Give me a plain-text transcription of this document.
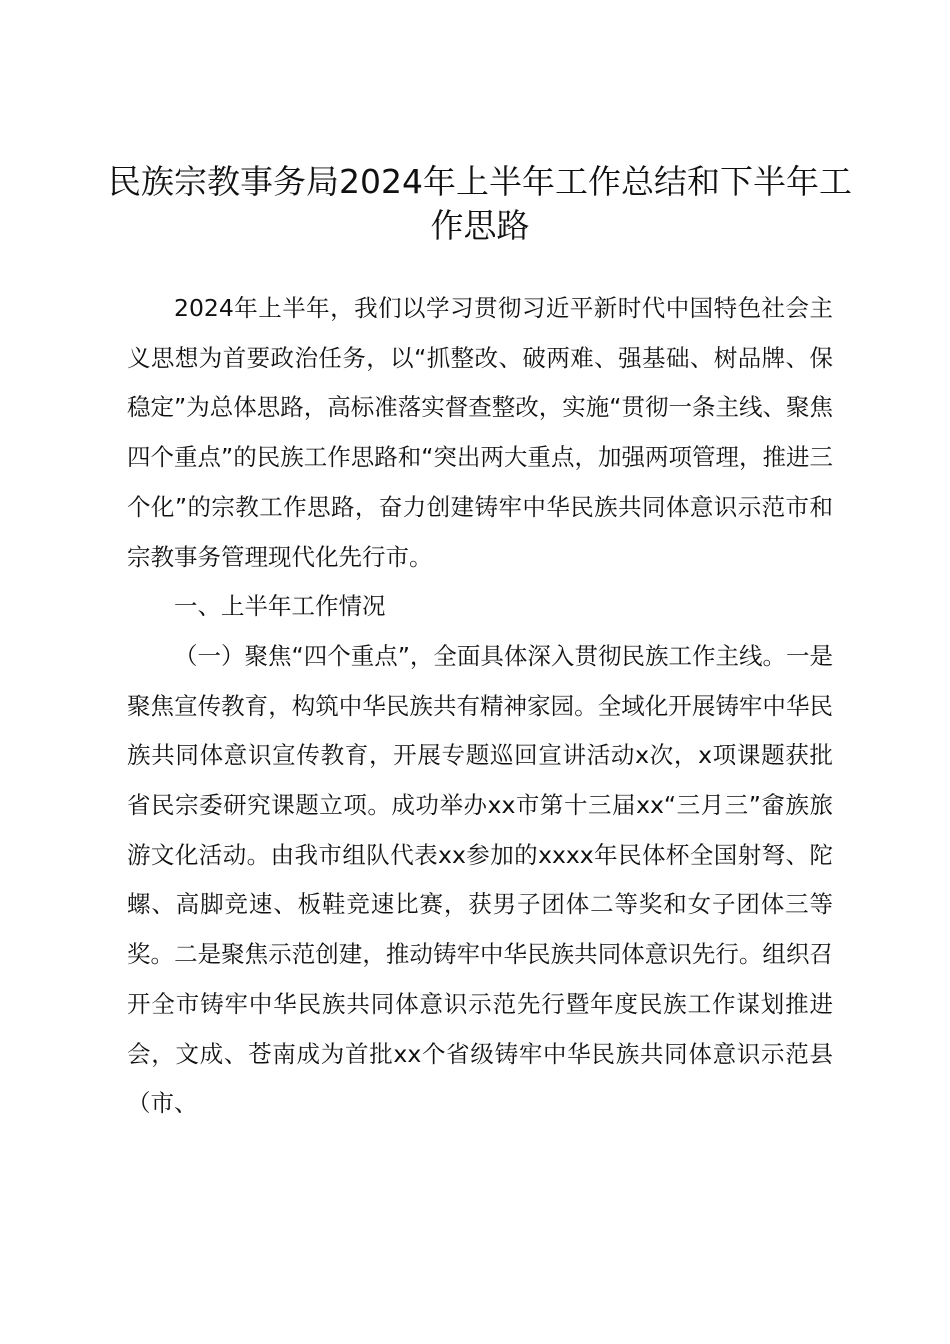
民族宗教事务局2024年上半年工作总结和下半年工作思路

2024年上半年，我们以学习贯彻习近平新时代中国特色社会主义思想为首要政治任务，以“抓整改、破两难、强基础、树品牌、保稳定”为总体思路，高标准落实督查整改，实施“贯彻一条主线、聚焦四个重点”的民族工作思路和“突出两大重点，加强两项管理，推进三个化”的宗教工作思路，奋力创建铸牢中华民族共同体意识示范市和宗教事务管理现代化先行市。

一、上半年工作情况

（一）聚焦“四个重点”，全面具体深入贯彻民族工作主线。一是聚焦宣传教育，构筑中华民族共有精神家园。全域化开展铸牢中华民族共同体意识宣传教育，开展专题巡回宣讲活动x次，x项课题获批省民宗委研究课题立项。成功举办xx市第十三届xx“三月三”畲族旅游文化活动。由我市组队代表xx参加的xxxx年民体杯全国射弩、陀螺、高脚竞速、板鞋竞速比赛，获男子团体二等奖和女子团体三等奖。二是聚焦示范创建，推动铸牢中华民族共同体意识先行。组织召开全市铸牢中华民族共同体意识示范先行暨年度民族工作谋划推进会，文成、苍南成为首批xx个省级铸牢中华民族共同体意识示范县（市、
